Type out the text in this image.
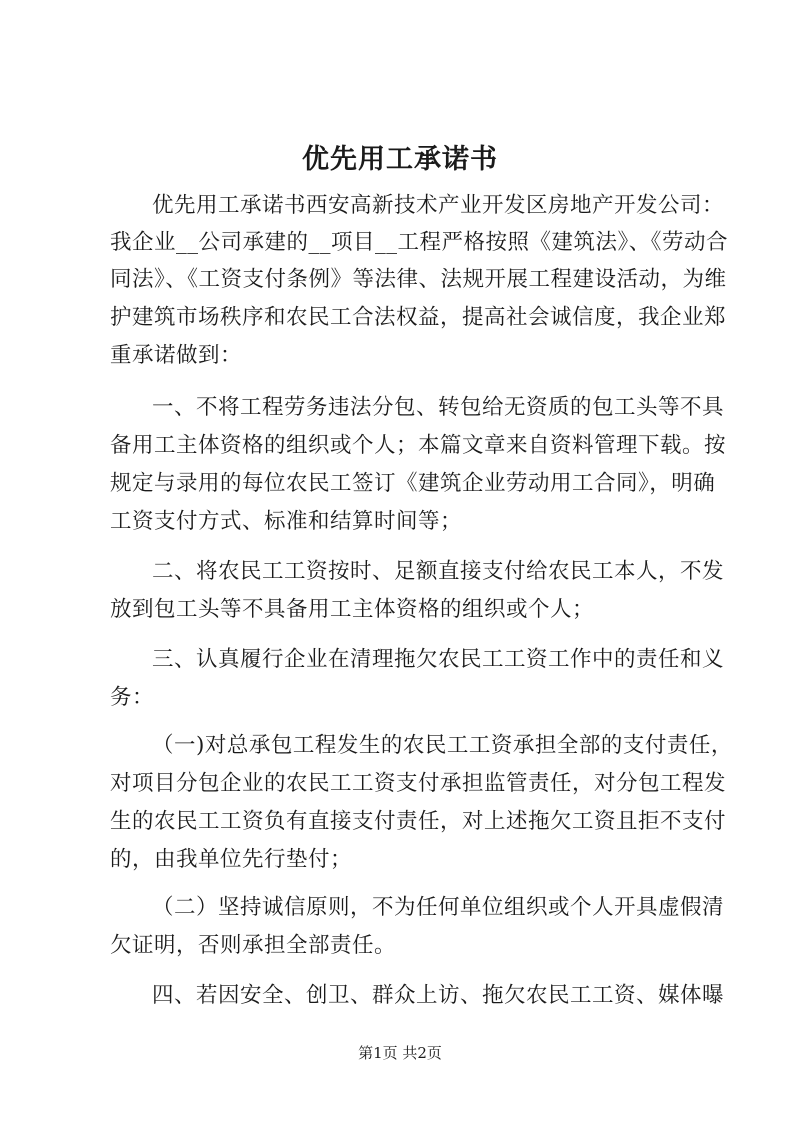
优先用工承诺书
优先用工承诺书西安高新技术产业开发区房地产开发公司：
我企业__公司承建的__项目__工程严格按照《建筑法》、《劳动合
同法》、《工资支付条例》等法律、法规开展工程建设活动，为维
护建筑市场秩序和农民工合法权益，提高社会诚信度，我企业郑
重承诺做到：
一、不将工程劳务违法分包、转包给无资质的包工头等不具
备用工主体资格的组织或个人；本篇文章来自资料管理下载。按
规定与录用的每位农民工签订《建筑企业劳动用工合同》，明确
工资支付方式、标准和结算时间等；
二、将农民工工资按时、足额直接支付给农民工本人，不发
放到包工头等不具备用工主体资格的组织或个人；
三、认真履行企业在清理拖欠农民工工资工作中的责任和义
务：
（一)对总承包工程发生的农民工工资承担全部的支付责任，
对项目分包企业的农民工工资支付承担监管责任，对分包工程发
生的农民工工资负有直接支付责任，对上述拖欠工资且拒不支付
的，由我单位先行垫付；
（二）坚持诚信原则，不为任何单位组织或个人开具虚假清
欠证明，否则承担全部责任。
四、若因安全、创卫、群众上访、拖欠农民工工资、媒体曝
第1页 共2页
